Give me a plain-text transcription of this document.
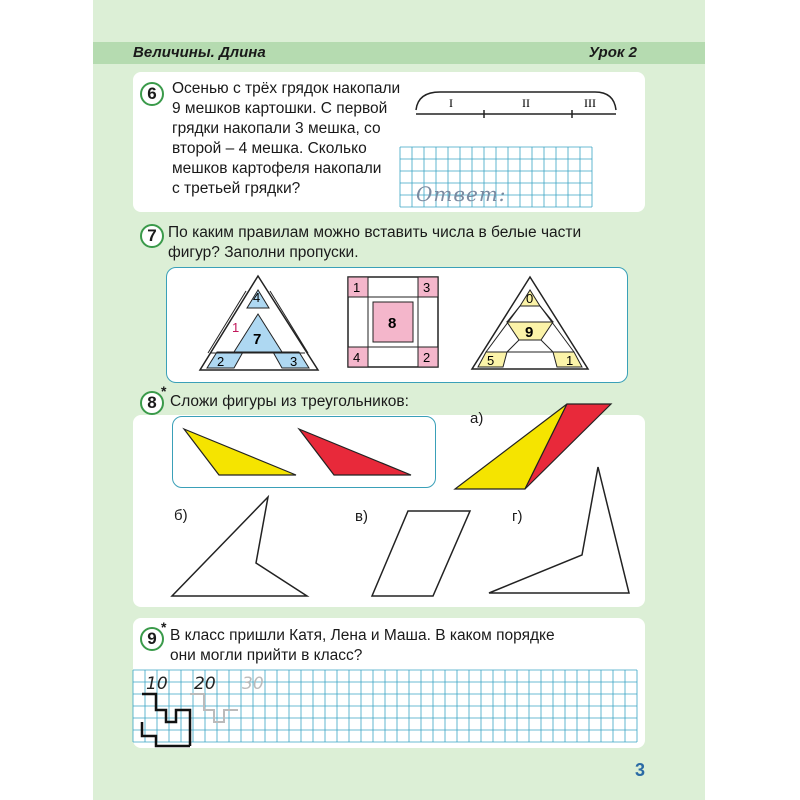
Величины. Длина	Урок 2
6 Осенью с трёх грядок накопали
9 мешков картошки. С первой
грядки накопали 3 мешка, со
второй – 4 мешка. Сколько
мешков картофеля накопали
с третьей грядки?
I	II	III
Ответ:
7 По каким правилам можно вставить числа в белые части
фигур? Заполни пропуски.
4
7
1
2	3
8
1	3
4	2
0
9
5	1
8
*
Сложи фигуры из треугольников:
а)
б)	в)	г)
9
* В класс пришли Катя, Лена и Маша. В каком порядке
они могли прийти в класс?
10 20 30
3
